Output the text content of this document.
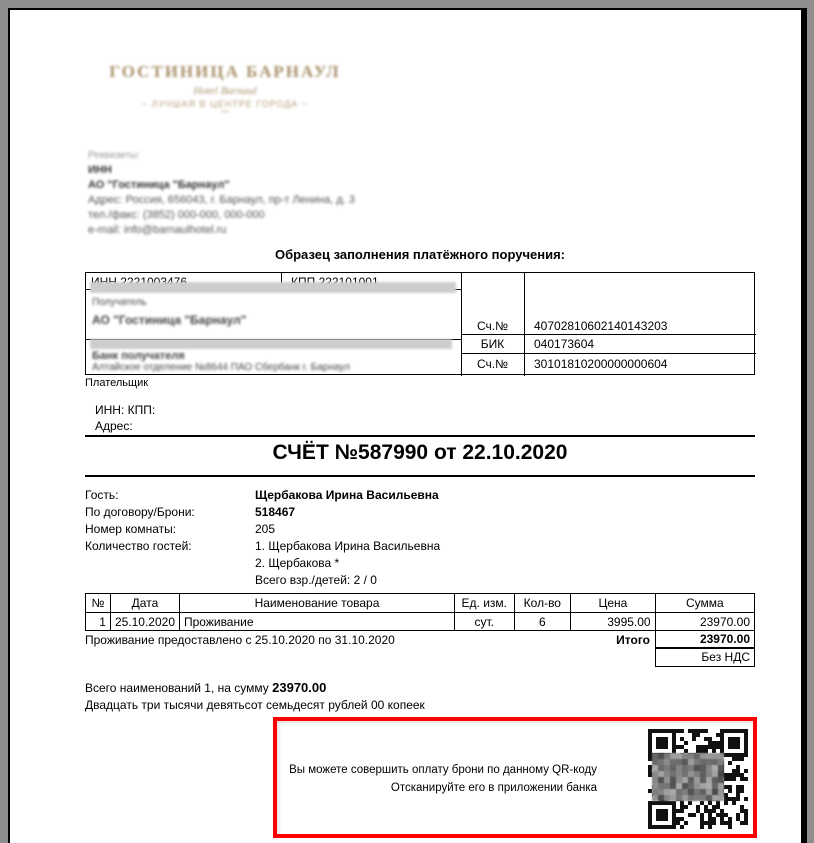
ГОСТИНИЦА БАРНАУЛ
Hotel Barnaul
~ ЛУЧШАЯ В ЦЕНТРЕ ГОРОДА ~
***
Реквизиты:
ИНН
АО "Гостиница "Барнаул"
Адрес: Россия, 656043, г. Барнаул, пр-т Ленина, д. 3
тел./факс: (3852) 000-000, 000-000
e-mail: info@barnaulhotel.ru
Образец заполнения платёжного поручения:
Получатель
АО "Гостиница "Барнаул"
Банк получателя
Алтайское отделение №8644 ПАО Сбербанк г. Барнаул
Сч.№	40702810602140143203
БИК	040173604
Сч.№	30101810200000000604
Плательщик
ИНН: КПП:
Адрес:
СЧЁТ №587990 от 22.10.2020
Гость:	Щербакова Ирина Васильевна
По договору/Брони:	518467
Номер комнаты:	205
Количество гостей:	1. Щербакова Ирина Васильевна
2. Щербакова *
Всего взр./детей: 2 / 0
№	Дата	Наименование товара	Ед. изм.	Кол-во	Цена	Сумма
1	25.10.2020	Проживание	сут.	6	3995.00	23970.00
Проживание предоставлено с 25.10.2020 по 31.10.2020	Итого	23970.00
Без НДС
Всего наименований 1, на сумму 23970.00
Двадцать три тысячи девятьсот семьдесят рублей 00 копеек
Вы можете совершить оплату брони по данному QR-коду
Отсканируйте его в приложении банка
